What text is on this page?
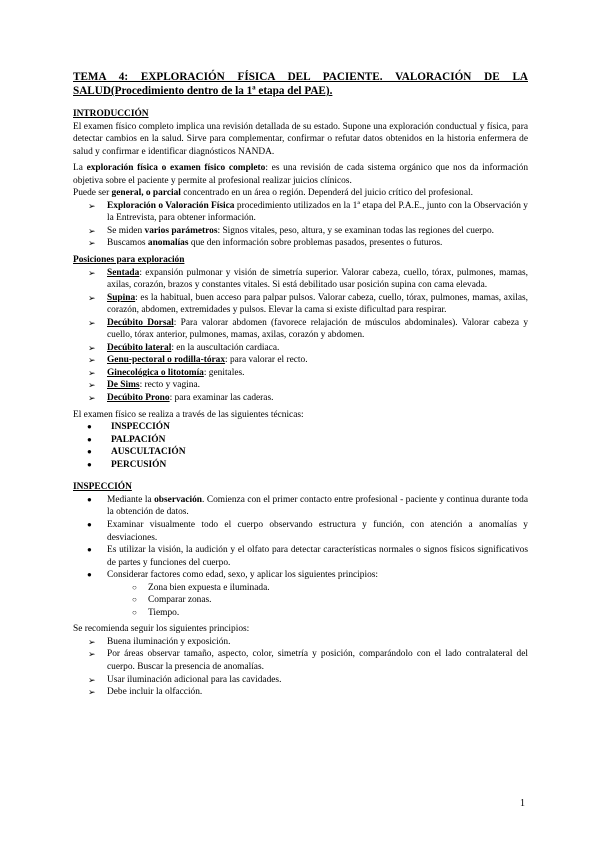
TEMA 4: EXPLORACIÓN FÍSICA DEL PACIENTE. VALORACIÓN DE LA SALUD(Procedimiento dentro de la 1ª etapa del PAE).

INTRODUCCIÓN

El examen físico completo implica una revisión detallada de su estado. Supone una exploración conductual y física, para detectar cambios en la salud. Sirve para complementar, confirmar o refutar datos obtenidos en la historia enfermera de salud y confirmar e identificar diagnósticos NANDA.

La exploración física o examen físico completo: es una revisión de cada sistema orgánico que nos da información objetiva sobre el paciente y permite al profesional realizar juicios clínicos.

Puede ser general, o parcial concentrado en un área o región. Dependerá del juicio crítico del profesional.

➢ Exploración o Valoración Física procedimiento utilizados en la 1ª etapa del P.A.E., junto con la Observación y la Entrevista, para obtener información.
➢ Se miden varios parámetros: Signos vitales, peso, altura, y se examinan todas las regiones del cuerpo.
➢ Buscamos anomalías que den información sobre problemas pasados, presentes o futuros.
Posiciones para exploración
➢ Sentada: expansión pulmonar y visión de simetría superior. Valorar cabeza, cuello, tórax, pulmones, mamas, axilas, corazón, brazos y constantes vitales. Si está debilitado usar posición supina con cama elevada.
➢ Supina: es la habitual, buen acceso para palpar pulsos. Valorar cabeza, cuello, tórax, pulmones, mamas, axilas, corazón, abdomen, extremidades y pulsos. Elevar la cama si existe dificultad para respirar.
➢ Decúbito Dorsal: Para valorar abdomen (favorece relajación de músculos abdominales). Valorar cabeza y cuello, tórax anterior, pulmones, mamas, axilas, corazón y abdomen.
➢ Decúbito lateral: en la auscultación cardiaca.
➢ Genu-pectoral o rodilla-tórax: para valorar el recto.
➢ Ginecológica o litotomía: genitales.
➢ De Sims: recto y vagina.
➢ Decúbito Prono: para examinar las caderas.

El examen físico se realiza a través de las siguientes técnicas:

● INSPECCIÓN
● PALPACIÓN
● AUSCULTACIÓN
● PERCUSIÓN
INSPECCIÓN
● Mediante la observación. Comienza con el primer contacto entre profesional - paciente y continua durante toda la obtención de datos.
● Examinar visualmente todo el cuerpo observando estructura y función, con atención a anomalías y desviaciones.
● Es utilizar la visión, la audición y el olfato para detectar características normales o signos físicos significativos de partes y funciones del cuerpo.
● Considerar factores como edad, sexo, y aplicar los siguientes principios:
○ Zona bien expuesta e iluminada.
○ Comparar zonas.
○ Tiempo.

Se recomienda seguir los siguientes principios:

➢ Buena iluminación y exposición.
➢ Por áreas observar tamaño, aspecto, color, simetría y posición, comparándolo con el lado contralateral del cuerpo. Buscar la presencia de anomalías.
➢ Usar iluminación adicional para las cavidades.
➢ Debe incluir la olfacción.
1
